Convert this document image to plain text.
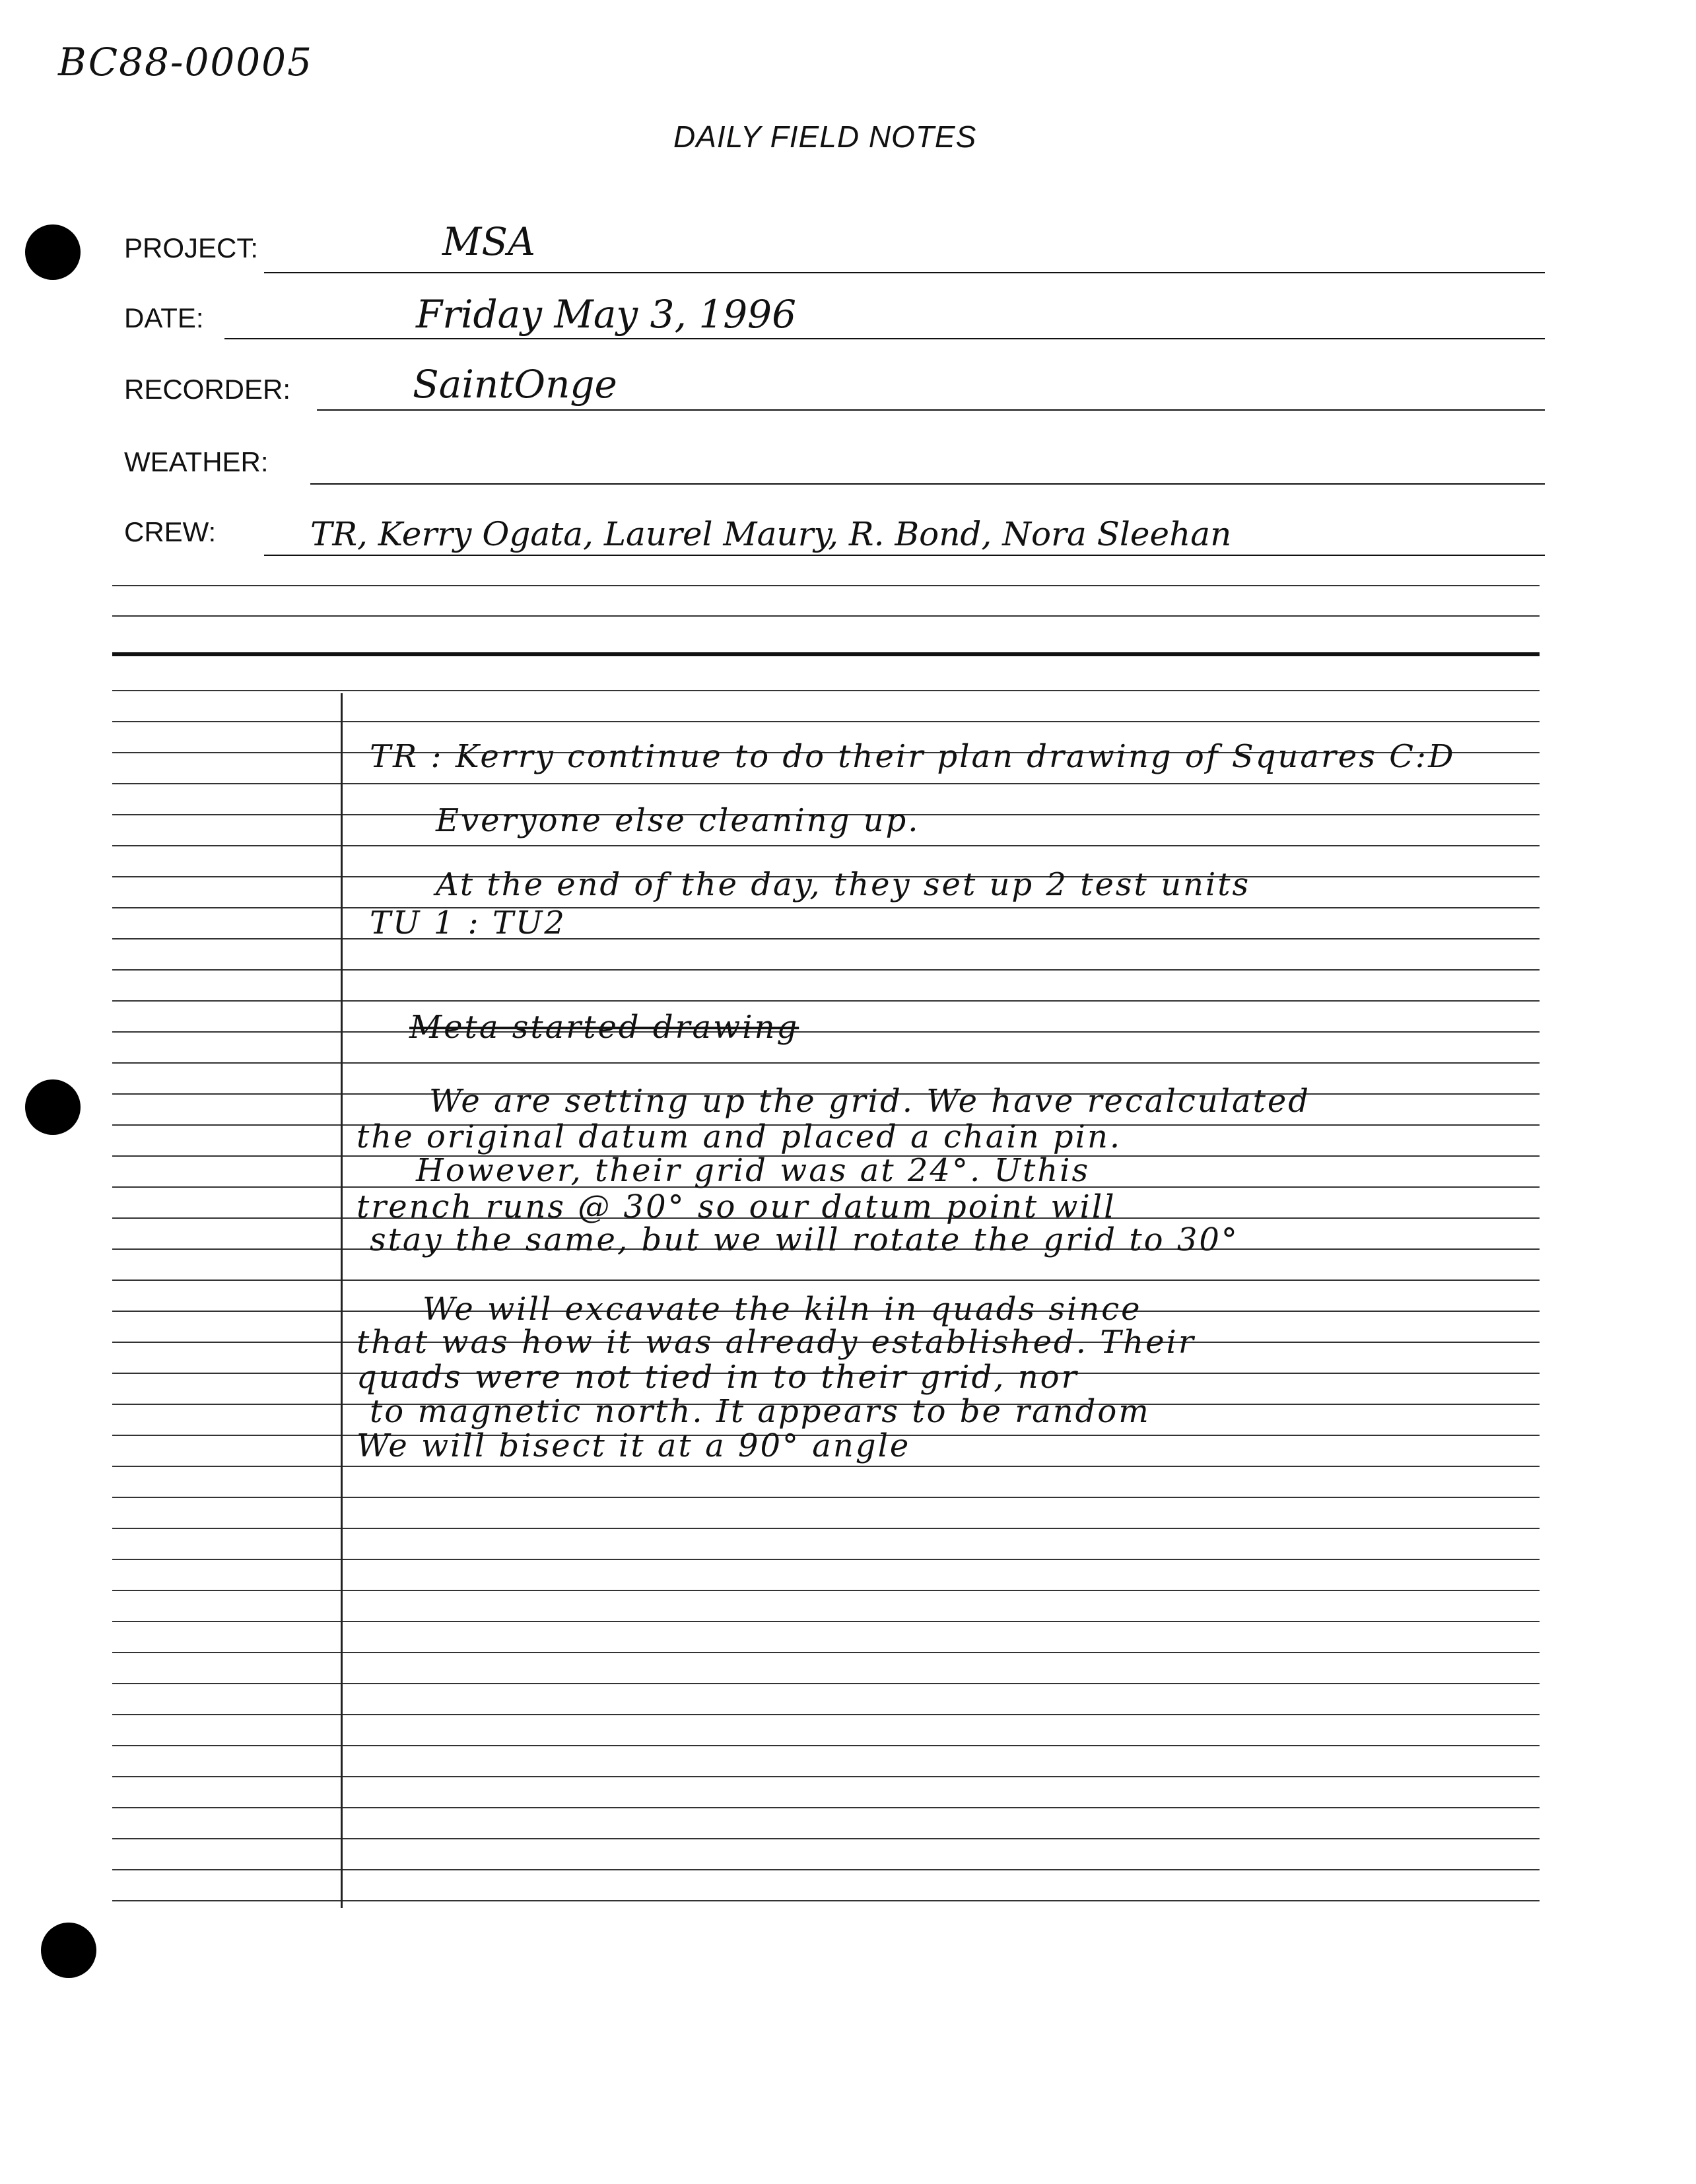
BC88-00005
DAILY FIELD NOTES
PROJECT:	MSA
DATE:	Friday May 3, 1996
RECORDER:	SaintOnge
WEATHER:
CREW:	TR, Kerry Ogata, Laurel Maury, R. Bond, Nora Sleehan
TR : Kerry continue to do their plan drawing of Squares C:D
Everyone else cleaning up.
At the end of the day, they set up 2 test units
TU 1 : TU2
Meta started drawing
We are setting up the grid. We have recalculated
the original datum and placed a chain pin.
However, their grid was at 24°. Uthis
trench runs @ 30° so our datum point will
stay the same, but we will rotate the grid to 30°
We will excavate the kiln in quads since
that was how it was already established. Their
quads were not tied in to their grid, nor
to magnetic north. It appears to be random
We will bisect it at a 90° angle
